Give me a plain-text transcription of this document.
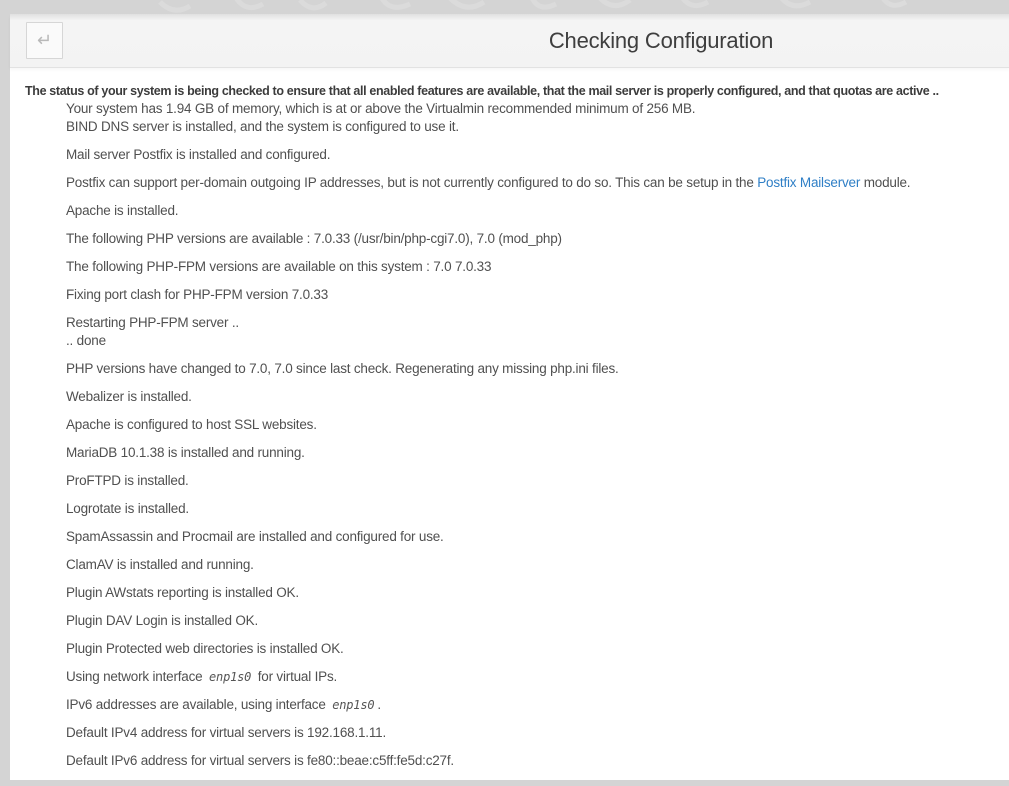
↵	Checking Configuration
The status of your system is being checked to ensure that all enabled features are available, that the mail server is properly configured, and that quotas are active ..
Your system has 1.94 GB of memory, which is at or above the Virtualmin recommended minimum of 256 MB.
BIND DNS server is installed, and the system is configured to use it.
Mail server Postfix is installed and configured.
Postfix can support per-domain outgoing IP addresses, but is not currently configured to do so. This can be setup in the Postfix Mailserver module.
Apache is installed.
The following PHP versions are available : 7.0.33 (/usr/bin/php-cgi7.0), 7.0 (mod_php)
The following PHP-FPM versions are available on this system : 7.0 7.0.33
Fixing port clash for PHP-FPM version 7.0.33
Restarting PHP-FPM server ..
.. done
PHP versions have changed to 7.0, 7.0 since last check. Regenerating any missing php.ini files.
Webalizer is installed.
Apache is configured to host SSL websites.
MariaDB 10.1.38 is installed and running.
ProFTPD is installed.
Logrotate is installed.
SpamAssassin and Procmail are installed and configured for use.
ClamAV is installed and running.
Plugin AWstats reporting is installed OK.
Plugin DAV Login is installed OK.
Plugin Protected web directories is installed OK.
Using network interface enp1s0 for virtual IPs.
IPv6 addresses are available, using interface enp1s0 .
Default IPv4 address for virtual servers is 192.168.1.11.
Default IPv6 address for virtual servers is fe80::beae:c5ff:fe5d:c27f.
